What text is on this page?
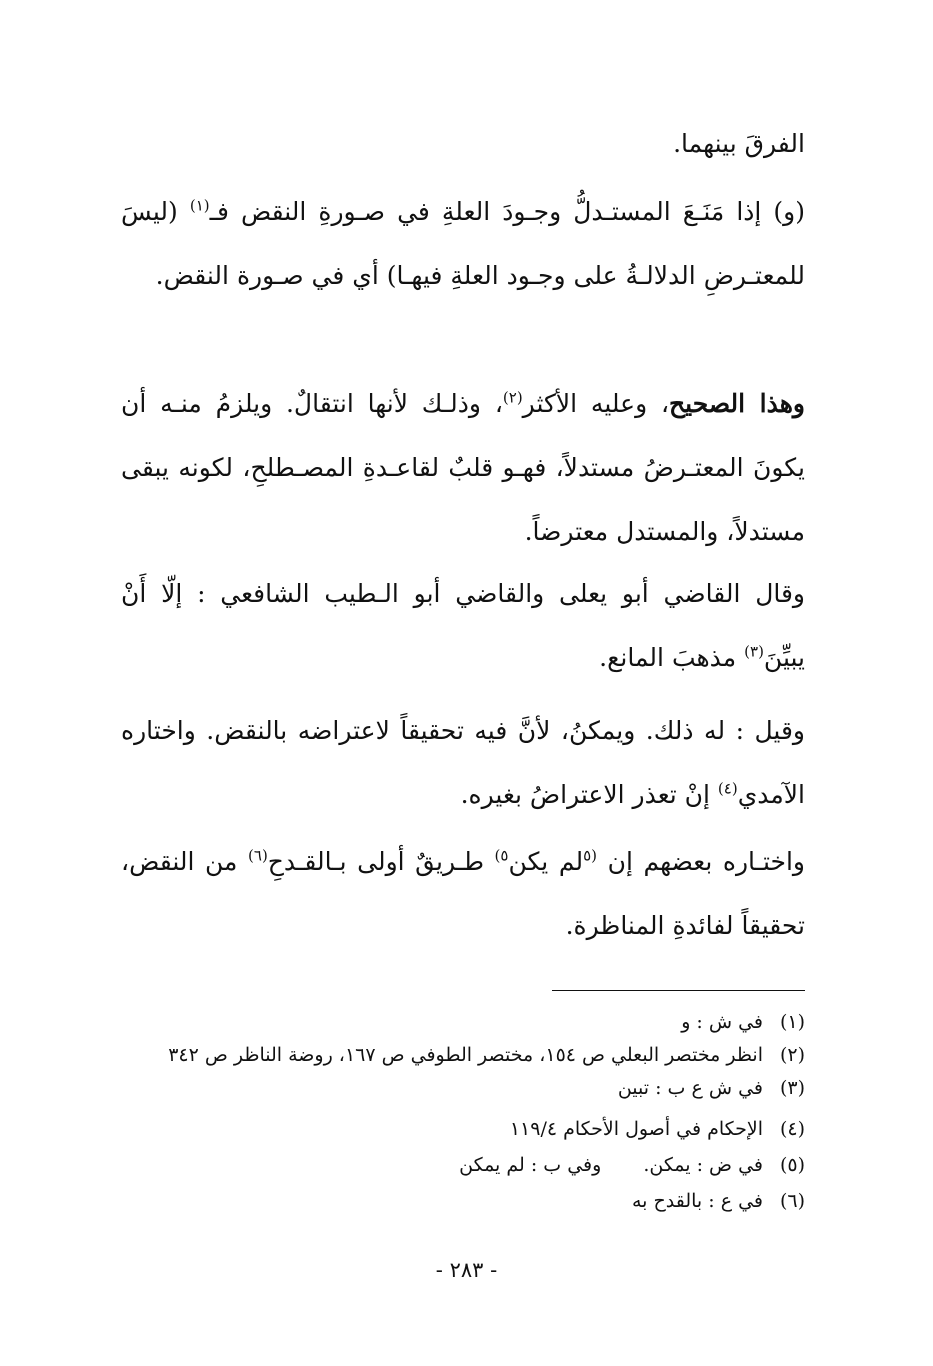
الفرقَ بينهما.

(و) إذا مَنَـعَ المستـدلُّ وجـودَ العلةِ في صـورةِ النقض فـ$^{(١)}$ (ليسَ للمعتـرضِ الدلالـةُ على وجـود العلةِ فيهـا) أي في صـورة النقض.

وهذا الصحيح، وعليه الأكثر$^{(٢)}$، وذلـك لأنها انتقالٌ. ويلزمُ منـه أن يكونَ المعتـرضُ مستدلاً، فهـو قلبٌ لقاعـدةِ المصـطلحِ، لكونه يبقى مستدلاً، والمستدل معترضاً.

وقال القاضي أبو يعلى والقاضي أبو الـطيب الشافعي : إلّا أَنْ يبيِّنَ$^{(٣)}$ مذهبَ المانع.

وقيل : له ذلك. ويمكنُ، لأنَّ فيه تحقيقاً لاعتراضه بالنقض. واختاره الآمدي$^{(٤)}$ إنْ تعذر الاعتراضُ بغيره.

واختـاره بعضهم إن $^{(٥}$لم يكن$^{٥)}$ طـريقٌ أولى بـالقـدحِ$^{(٦)}$ من النقض، تحقيقاً لفائدةِ المناظرة.

(١)في ش : و

(٢)انظر مختصر البعلي ص ١٥٤، مختصر الطوفي ص ١٦٧، روضة الناظر ص ٣٤٢

(٣)في ش ع ب : تبين

(٤)الإحكام في أصول الأحكام ١١٩/٤

(٥)في ض : يمكن.وفي ب : لم يمكن

(٦)في ع : بالقدح به

- ٢٨٣ -
